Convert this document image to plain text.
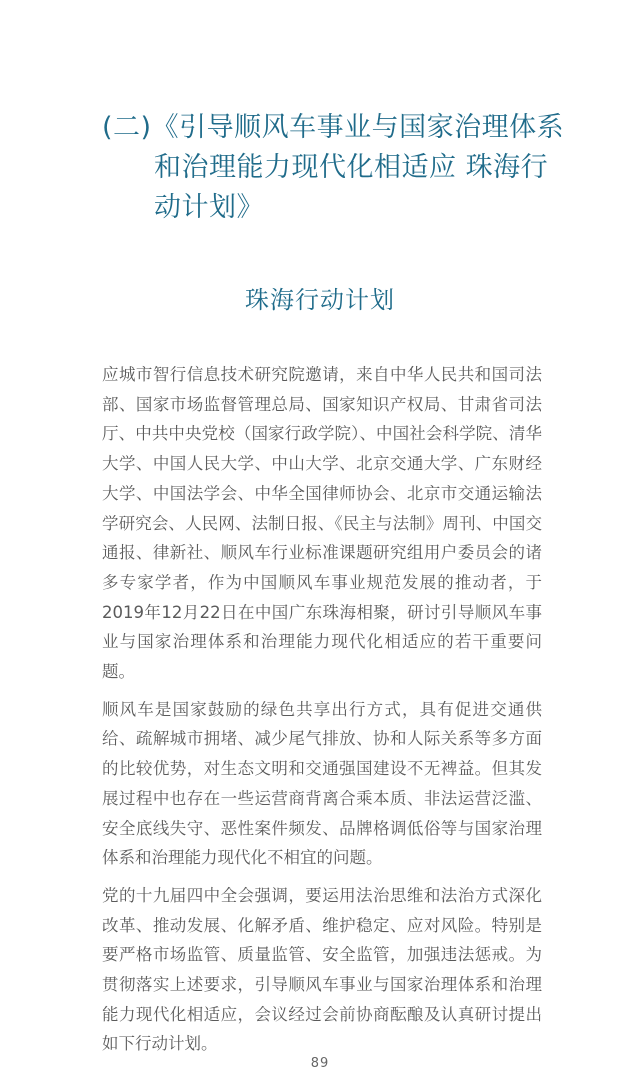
(二)《引导顺风车事业与国家治理体系
和治理能力现代化相适应 珠海行
动计划》
珠海行动计划

应城市智行信息技术研究院邀请，来自中华人民共和国司法部、国家市场监督管理总局、国家知识产权局、甘肃省司法厅、中共中央党校（国家行政学院）、中国社会科学院、清华大学、中国人民大学、中山大学、北京交通大学、广东财经大学、中国法学会、中华全国律师协会、北京市交通运输法学研究会、人民网、法制日报、《民主与法制》周刊、中国交通报、律新社、顺风车行业标准课题研究组用户委员会的诸多专家学者，作为中国顺风车事业规范发展的推动者，于2019年12月22日在中国广东珠海相聚，研讨引导顺风车事业与国家治理体系和治理能力现代化相适应的若干重要问题。

顺风车是国家鼓励的绿色共享出行方式，具有促进交通供给、疏解城市拥堵、减少尾气排放、协和人际关系等多方面的比较优势，对生态文明和交通强国建设不无裨益。但其发展过程中也存在一些运营商背离合乘本质、非法运营泛滥、安全底线失守、恶性案件频发、品牌格调低俗等与国家治理体系和治理能力现代化不相宜的问题。

党的十九届四中全会强调，要运用法治思维和法治方式深化改革、推动发展、化解矛盾、维护稳定、应对风险。特别是要严格市场监管、质量监管、安全监管，加强违法惩戒。为贯彻落实上述要求，引导顺风车事业与国家治理体系和治理能力现代化相适应，会议经过会前协商酝酿及认真研讨提出如下行动计划。

89
